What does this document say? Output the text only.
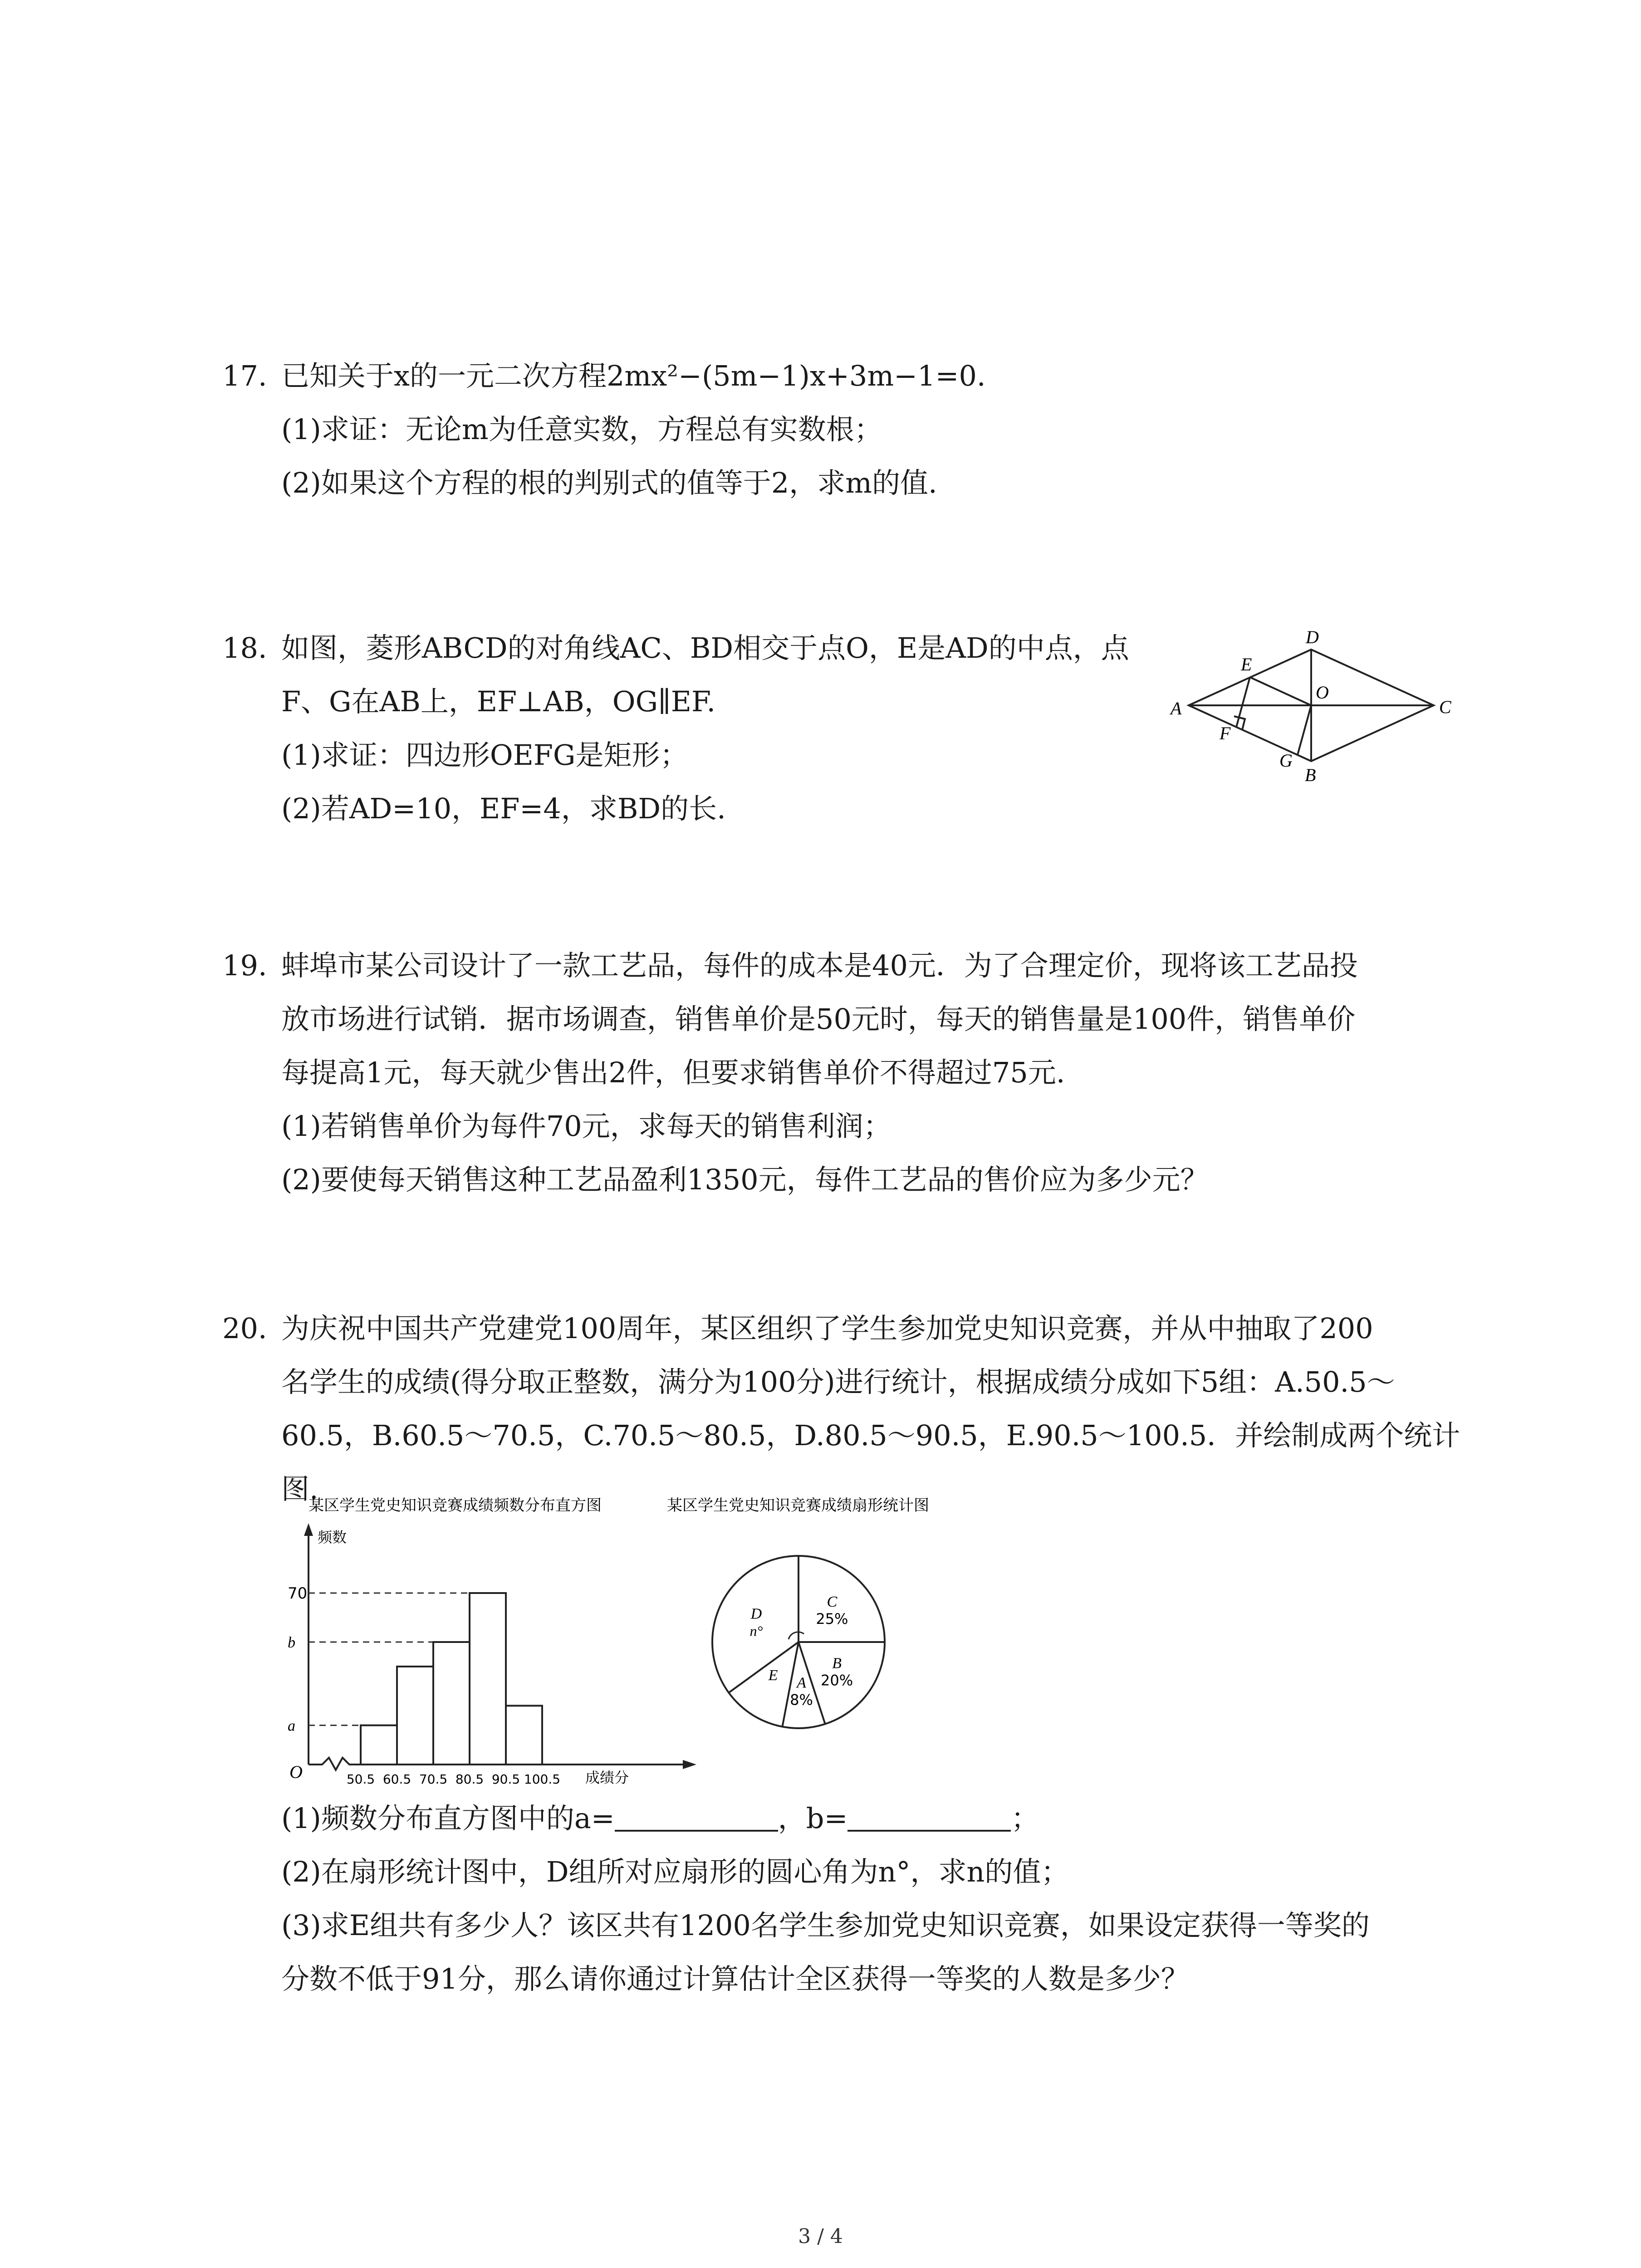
17. 已知关于x的一元二次方程2mx²−(5m−1)x+3m−1=0.
(1)求证：无论m为任意实数，方程总有实数根；
(2)如果这个方程的根的判别式的值等于2，求m的值.
18. 如图，菱形ABCD的对角线AC、BD相交于点O，E是AD的中点，点
F、G在AB上，EF⊥AB，OG∥EF.
(1)求证：四边形OEFG是矩形；
(2)若AD=10，EF=4，求BD的长.
A
D
C
B
E
F
G
O
19. 蚌埠市某公司设计了一款工艺品，每件的成本是40元．为了合理定价，现将该工艺品投
放市场进行试销．据市场调查，销售单价是50元时，每天的销售量是100件，销售单价
每提高1元，每天就少售出2件，但要求销售单价不得超过75元.
(1)若销售单价为每件70元，求每天的销售利润；
(2)要使每天销售这种工艺品盈利1350元，每件工艺品的售价应为多少元？
20. 为庆祝中国共产党建党100周年，某区组织了学生参加党史知识竞赛，并从中抽取了200
名学生的成绩(得分取正整数，满分为100分)进行统计，根据成绩分成如下5组：A.50.5～
60.5，B.60.5～70.5，C.70.5～80.5，D.80.5～90.5，E.90.5～100.5．并绘制成两个统计
图.
某区学生党史知识竞赛成绩频数分布直方图
频数
成绩分
O
a
b
70
50.5 60.5 70.5 80.5 90.5 100.5
某区学生党史知识竞赛成绩扇形统计图
C
25%
B
20%
A
8%
E
D
n°
(1)频数分布直方图中的a=	，b=	；
(2)在扇形统计图中，D组所对应扇形的圆心角为n°，求n的值；
(3)求E组共有多少人？该区共有1200名学生参加党史知识竞赛，如果设定获得一等奖的
分数不低于91分，那么请你通过计算估计全区获得一等奖的人数是多少？
3 / 4
